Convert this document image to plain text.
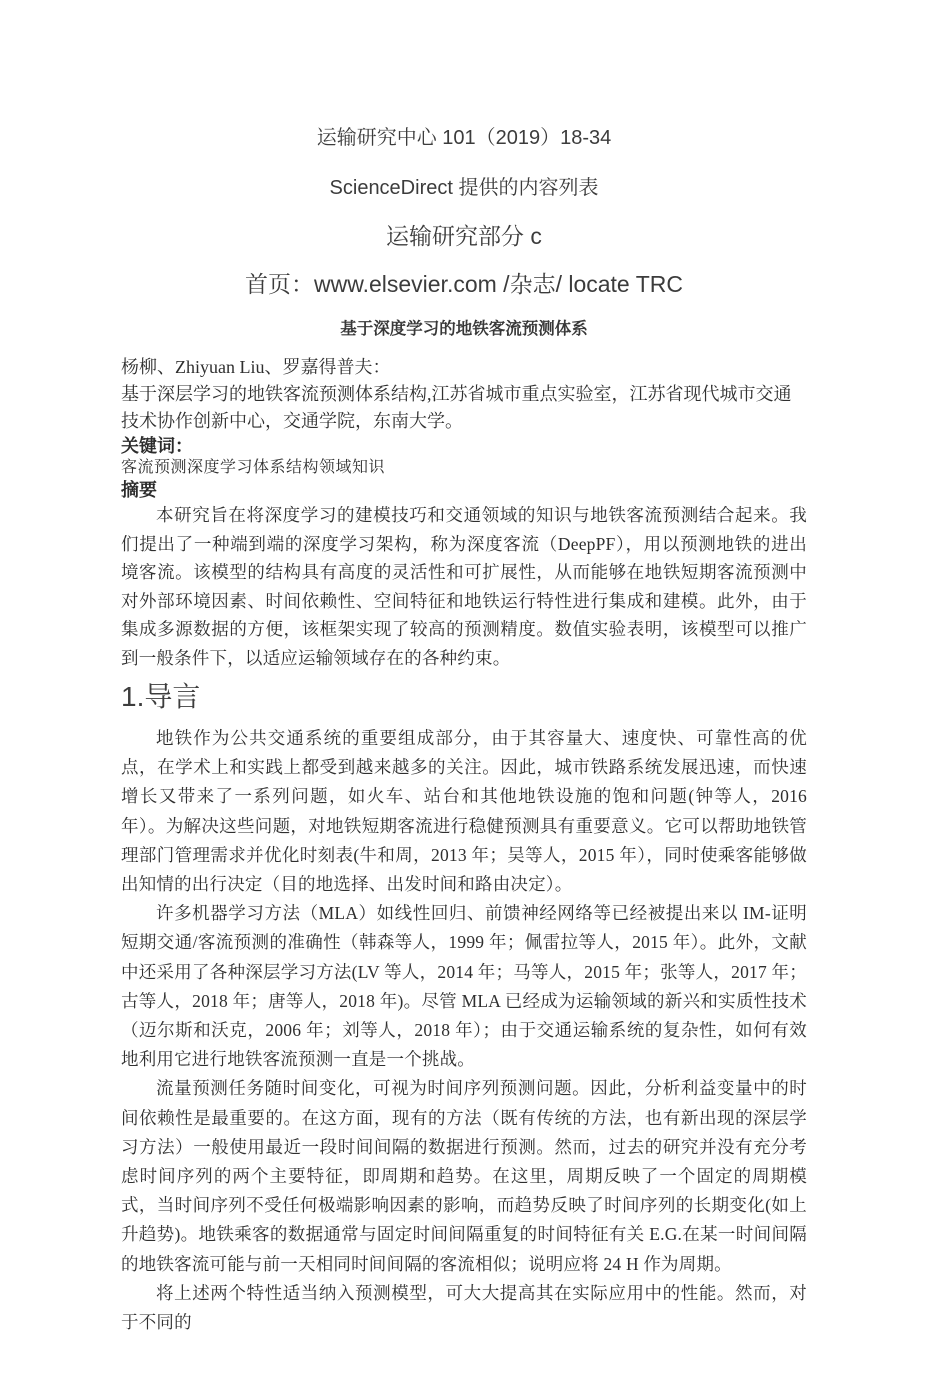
运输研究中心 101（2019）18-34
ScienceDirect 提供的内容列表
运输研究部分 c
首页：www.elsevier.com /杂志/ locate TRC
基于深度学习的地铁客流预测体系
杨柳、Zhiyuan Liu、罗嘉得普夫：
基于深层学习的地铁客流预测体系结构,江苏省城市重点实验室，江苏省现代城市交通技术协作创新中心，交通学院，东南大学。
关键词：
客流预测深度学习体系结构领域知识
摘要

本研究旨在将深度学习的建模技巧和交通领域的知识与地铁客流预测结合起来。我们提出了一种端到端的深度学习架构，称为深度客流（DeepPF），用以预测地铁的进出境客流。该模型的结构具有高度的灵活性和可扩展性，从而能够在地铁短期客流预测中对外部环境因素、时间依赖性、空间特征和地铁运行特性进行集成和建模。此外，由于集成多源数据的方便，该框架实现了较高的预测精度。数值实验表明，该模型可以推广到一般条件下，以适应运输领域存在的各种约束。

1.导言

地铁作为公共交通系统的重要组成部分，由于其容量大、速度快、可靠性高的优点，在学术上和实践上都受到越来越多的关注。因此，城市铁路系统发展迅速，而快速增长又带来了一系列问题，如火车、站台和其他地铁设施的饱和问题(钟等人，2016 年）。为解决这些问题，对地铁短期客流进行稳健预测具有重要意义。它可以帮助地铁管理部门管理需求并优化时刻表(牛和周，2013 年；吴等人，2015 年），同时使乘客能够做出知情的出行决定（目的地选择、出发时间和路由决定）。

许多机器学习方法（MLA）如线性回归、前馈神经网络等已经被提出来以 IM-证明短期交通/客流预测的准确性（韩森等人，1999 年；佩雷拉等人，2015 年）。此外，文献中还采用了各种深层学习方法(LV 等人，2014 年；马等人，2015 年；张等人，2017 年；古等人，2018 年；唐等人，2018 年)。尽管 MLA 已经成为运输领域的新兴和实质性技术（迈尔斯和沃克，2006 年；刘等人，2018 年）；由于交通运输系统的复杂性，如何有效地利用它进行地铁客流预测一直是一个挑战。

流量预测任务随时间变化，可视为时间序列预测问题。因此，分析利益变量中的时间依赖性是最重要的。在这方面，现有的方法（既有传统的方法，也有新出现的深层学习方法）一般使用最近一段时间间隔的数据进行预测。然而，过去的研究并没有充分考虑时间序列的两个主要特征，即周期和趋势。在这里，周期反映了一个固定的周期模式，当时间序列不受任何极端影响因素的影响，而趋势反映了时间序列的长期变化(如上升趋势)。地铁乘客的数据通常与固定时间间隔重复的时间特征有关 E.G.在某一时间间隔的地铁客流可能与前一天相同时间间隔的客流相似；说明应将 24 H 作为周期。

将上述两个特性适当纳入预测模型，可大大提高其在实际应用中的性能。然而，对于不同的
